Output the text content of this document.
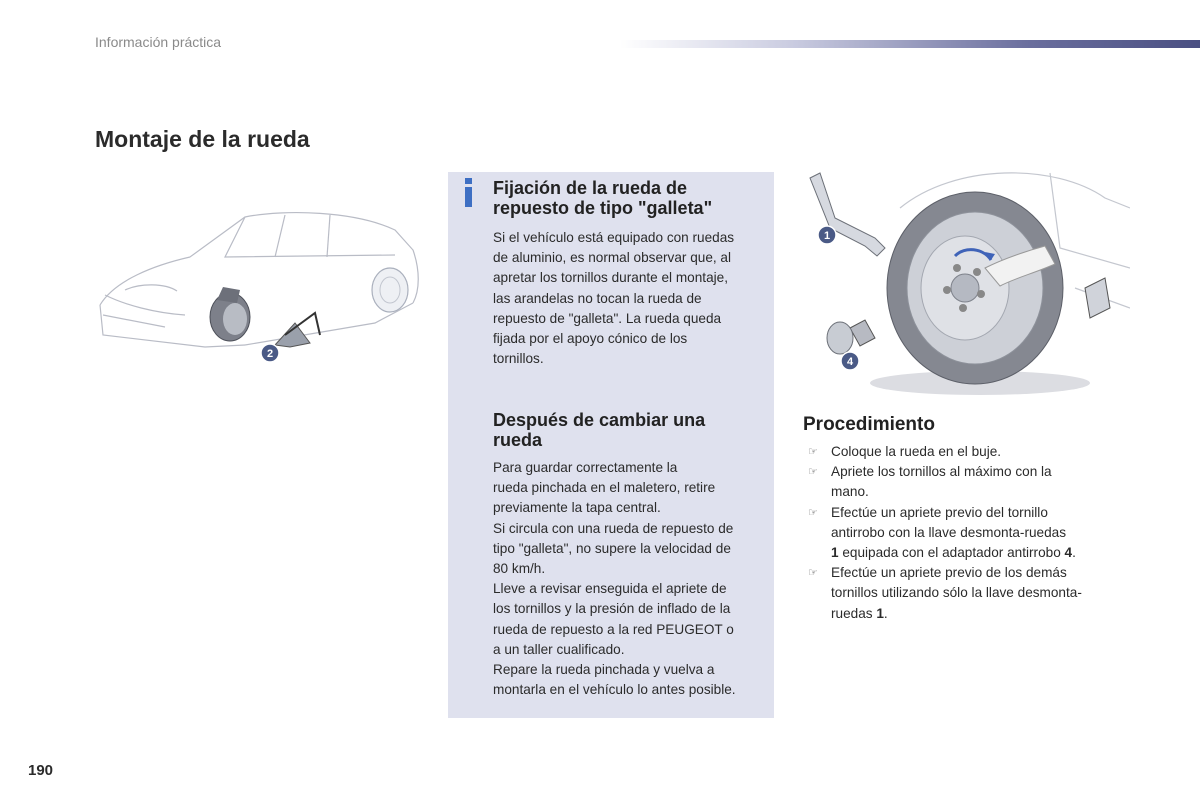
Información práctica
Montaje de la rueda
2
1
4
Fijación de la rueda de
repuesto de tipo "galleta"

Si el vehículo está equipado con ruedas

de aluminio, es normal observar que, al

apretar los tornillos durante el montaje,

las arandelas no tocan la rueda de

repuesto de "galleta". La rueda queda

fijada por el apoyo cónico de los

tornillos.

Después de cambiar una
rueda

Para guardar correctamente la

rueda pinchada en el maletero, retire

previamente la tapa central.

Si circula con una rueda de repuesto de

tipo "galleta", no supere la velocidad de

80 km/h.

Lleve a revisar enseguida el apriete de

los tornillos y la presión de inflado de la

rueda de repuesto a la red PEUGEOT o

a un taller cualificado.

Repare la rueda pinchada y vuelva a

montarla en el vehículo lo antes posible.

Procedimiento
☞ Coloque la rueda en el buje.
☞ Apriete los tornillos al máximo con la
mano.
☞ Efectúe un apriete previo del tornillo
antirrobo con la llave desmonta-ruedas
1 equipada con el adaptador antirrobo 4.
☞ Efectúe un apriete previo de los demás
tornillos utilizando sólo la llave desmonta-
ruedas 1.
190
